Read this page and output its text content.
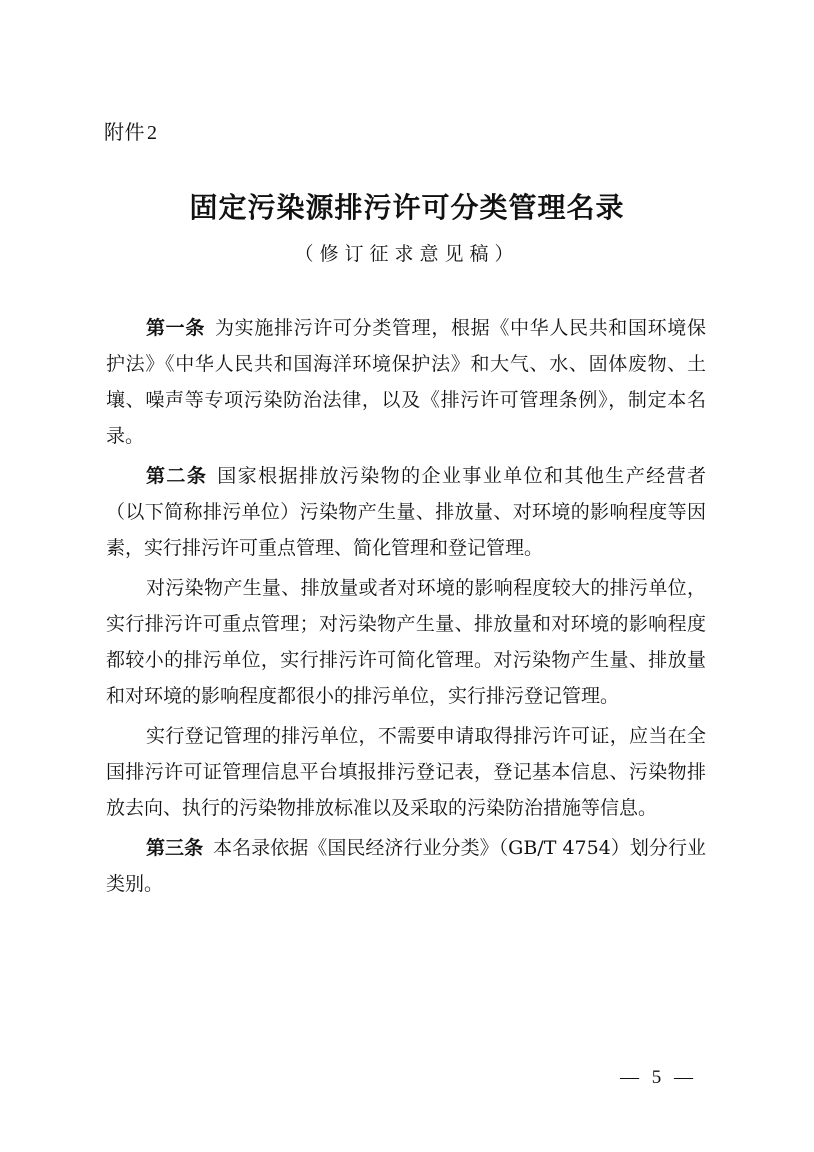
附件 2
固定污染源排污许可分类管理名录
（修订征求意见稿）

第一条 为实施排污许可分类管理，根据《中华人民共和国环境保护法》《中华人民共和国海洋环境保护法》和大气、水、固体废物、土壤、噪声等专项污染防治法律，以及《排污许可管理条例》，制定本名录。

第二条 国家根据排放污染物的企业事业单位和其他生产经营者（以下简称排污单位）污染物产生量、排放量、对环境的影响程度等因素，实行排污许可重点管理、简化管理和登记管理。

对污染物产生量、排放量或者对环境的影响程度较大的排污单位，实行排污许可重点管理；对污染物产生量、排放量和对环境的影响程度都较小的排污单位，实行排污许可简化管理。对污染物产生量、排放量和对环境的影响程度都很小的排污单位，实行排污登记管理。

实行登记管理的排污单位，不需要申请取得排污许可证，应当在全国排污许可证管理信息平台填报排污登记表，登记基本信息、污染物排放去向、执行的污染物排放标准以及采取的污染防治措施等信息。

第三条 本名录依据《国民经济行业分类》（GB/T 4754）划分行业类别。

— 5 —
